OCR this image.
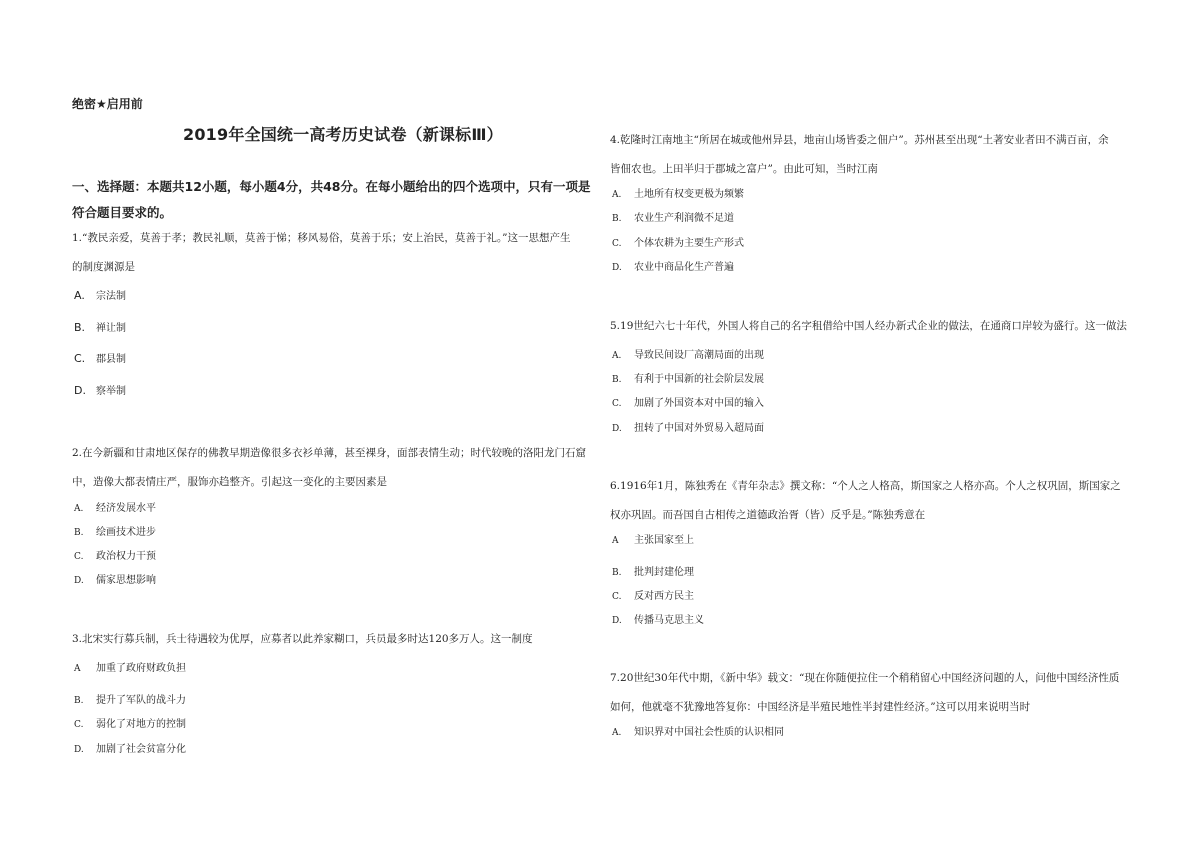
绝密★启用前
2019年全国统一高考历史试卷（新课标Ⅲ）
一、选择题：本题共12小题，每小题4分，共48分。在每小题给出的四个选项中，只有一项是
符合题目要求的。
1.“教民亲爱，莫善于孝；教民礼顺，莫善于悌；移风易俗，莫善于乐；安上治民，莫善于礼。”这一思想产生
的制度渊源是
A. 宗法制
B. 禅让制
C. 郡县制
D. 察举制
2.在今新疆和甘肃地区保存的佛教早期造像很多衣衫单薄，甚至裸身，面部表情生动；时代较晚的洛阳龙门石窟
中，造像大都表情庄严，服饰亦趋整齐。引起这一变化的主要因素是
A. 经济发展水平
B. 绘画技术进步
C. 政治权力干预
D. 儒家思想影响
3.北宋实行募兵制，兵士待遇较为优厚，应募者以此养家糊口，兵员最多时达120多万人。这一制度
A 加重了政府财政负担
B. 提升了军队的战斗力
C. 弱化了对地方的控制
D. 加剧了社会贫富分化
4.乾隆时江南地主“所居在城或他州异县，地亩山场皆委之佃户”。苏州甚至出现“土著安业者田不满百亩，余
皆佃农也。上田半归于郡城之富户”。由此可知，当时江南
A. 土地所有权变更极为频繁
B. 农业生产利润微不足道
C. 个体农耕为主要生产形式
D. 农业中商品化生产普遍
5.19世纪六七十年代，外国人将自己的名字租借给中国人经办新式企业的做法，在通商口岸较为盛行。这一做法
A. 导致民间设厂高潮局面的出现
B. 有利于中国新的社会阶层发展
C. 加剧了外国资本对中国的输入
D. 扭转了中国对外贸易入超局面
6.1916年1月，陈独秀在《青年杂志》撰文称：“个人之人格高，斯国家之人格亦高。个人之权巩固，斯国家之
权亦巩固。而吾国自古相传之道德政治胥（皆）反乎是。”陈独秀意在
A 主张国家至上
B. 批判封建伦理
C. 反对西方民主
D. 传播马克思主义
7.20世纪30年代中期，《新中华》载文：“现在你随便拉住一个稍稍留心中国经济问题的人，问他中国经济性质
如何，他就毫不犹豫地答复你：中国经济是半殖民地性半封建性经济。”这可以用来说明当时
A. 知识界对中国社会性质的认识相同
